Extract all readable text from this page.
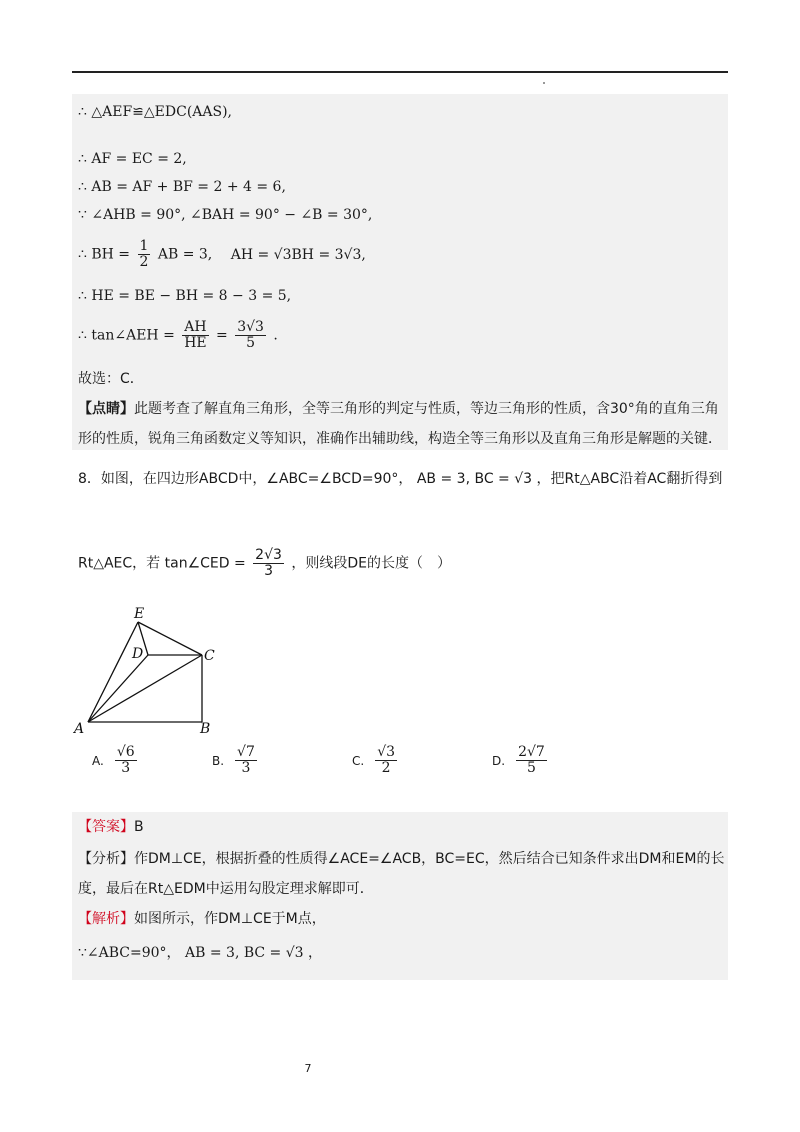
∴ △AEF≌△EDC(AAS),
∴ AF = EC = 2,
∴ AB = AF + BF = 2 + 4 = 6,
∵ ∠AHB = 90°, ∠BAH = 90° − ∠B = 30°,
∴ BH = $\frac{1}{2}$ AB = 3, AH = √3BH = 3√3,
∴ HE = BE − BH = 8 − 3 = 5,
∴ tan∠AEH = $\frac{AH}{HE} = \frac{3√3}{5}$ .
故选：C．
【点睛】此题考查了解直角三角形，全等三角形的判定与性质，等边三角形的性质，含30°角的直角三角
形的性质，锐角三角函数定义等知识，准确作出辅助线，构造全等三角形以及直角三角形是解题的关键．
8．如图，在四边形ABCD中，∠ABC=∠BCD=90°， AB = 3, BC = √3 ，把Rt△ABC沿着AC翻折得到
Rt△AEC，若 tan∠CED = $\frac{2√3}{3}$ ，则线段DE的长度（　）
E
D	C
A	B
A. $\frac{√6}{3}$	B. $\frac{√7}{3}$	C. $\frac{√3}{2}$	D. $\frac{2√7}{5}$
【答案】B
【分析】作DM⊥CE，根据折叠的性质得∠ACE=∠ACB，BC=EC，然后结合已知条件求出DM和EM的长
度，最后在Rt△EDM中运用勾股定理求解即可．
【解析】如图所示，作DM⊥CE于M点，
∵∠ABC=90°， AB = 3, BC = √3 ，
7
